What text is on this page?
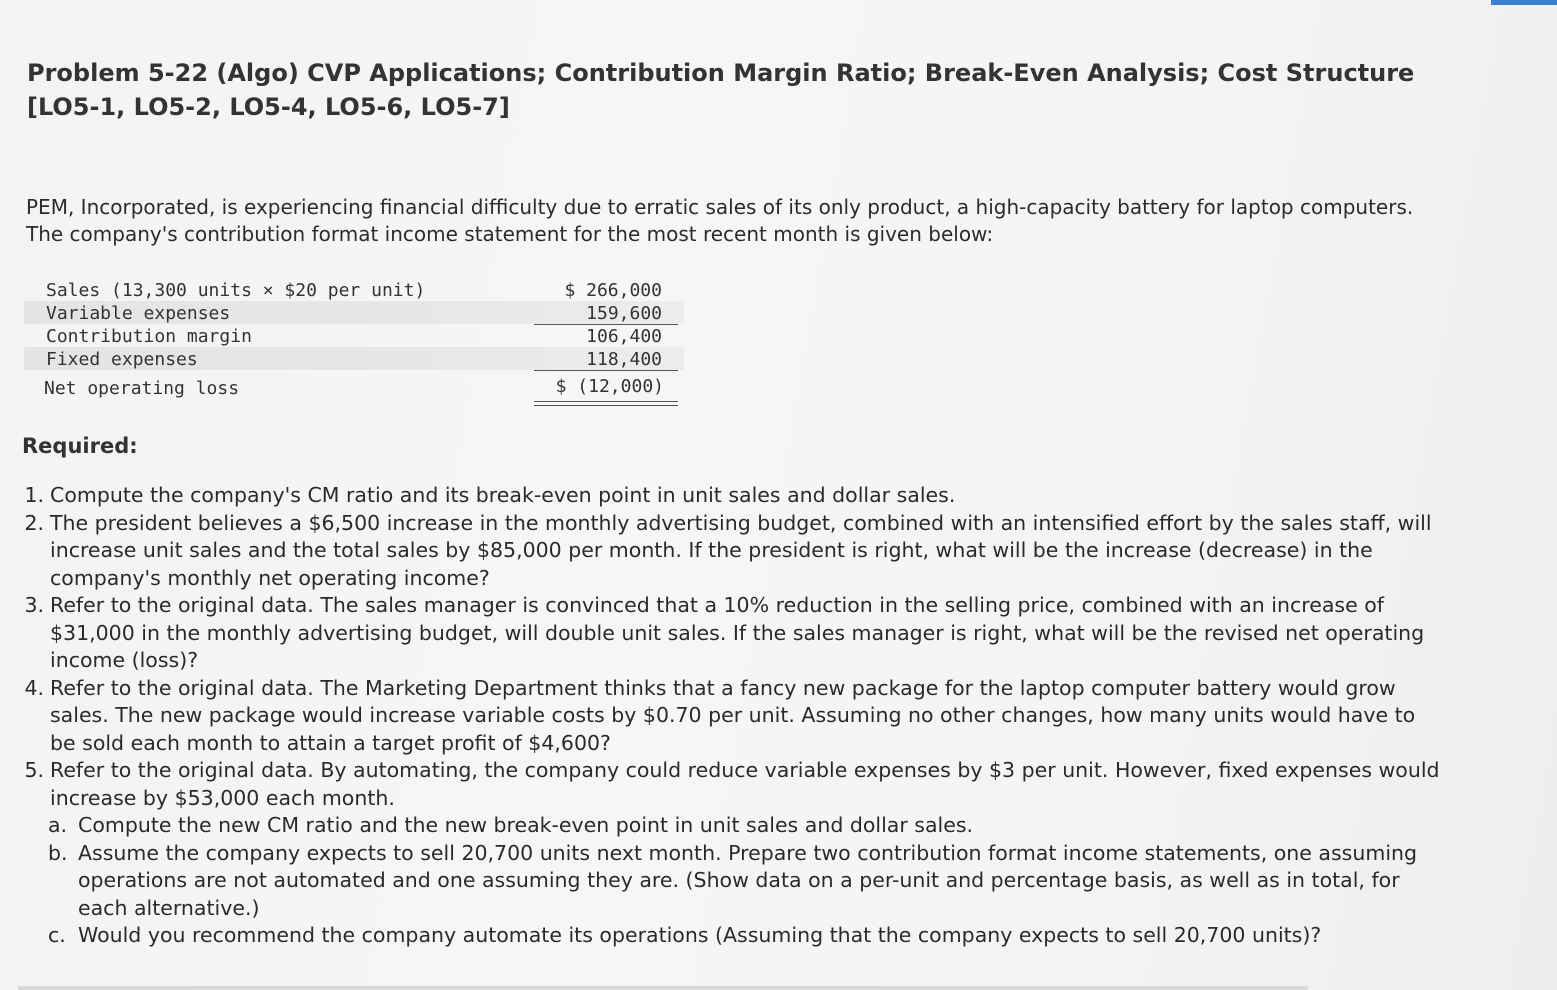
Problem 5-22 (Algo) CVP Applications; Contribution Margin Ratio; Break-Even Analysis; Cost Structure [LO5-1, LO5-2, LO5-4, LO5-6, LO5-7]

PEM, Incorporated, is experiencing financial difficulty due to erratic sales of its only product, a high-capacity battery for laptop computers. The company's contribution format income statement for the most recent month is given below:

Sales (13,300 units × $20 per unit)	$ 266,000
Variable expenses	159,600
Contribution margin	106,400
Fixed expenses	118,400
Net operating loss	$ (12,000)
Required:
1. Compute the company's CM ratio and its break-even point in unit sales and dollar sales.
2. The president believes a $6,500 increase in the monthly advertising budget, combined with an intensified effort by the sales staff, will increase unit sales and the total sales by $85,000 per month. If the president is right, what will be the increase (decrease) in the company's monthly net operating income?
3. Refer to the original data. The sales manager is convinced that a 10% reduction in the selling price, combined with an increase of $31,000 in the monthly advertising budget, will double unit sales. If the sales manager is right, what will be the revised net operating income (loss)?
4. Refer to the original data. The Marketing Department thinks that a fancy new package for the laptop computer battery would grow sales. The new package would increase variable costs by $0.70 per unit. Assuming no other changes, how many units would have to be sold each month to attain a target profit of $4,600?
5. Refer to the original data. By automating, the company could reduce variable expenses by $3 per unit. However, fixed expenses would increase by $53,000 each month.
a. Compute the new CM ratio and the new break-even point in unit sales and dollar sales.
b. Assume the company expects to sell 20,700 units next month. Prepare two contribution format income statements, one assuming operations are not automated and one assuming they are. (Show data on a per-unit and percentage basis, as well as in total, for each alternative.)
c. Would you recommend the company automate its operations (Assuming that the company expects to sell 20,700 units)?
